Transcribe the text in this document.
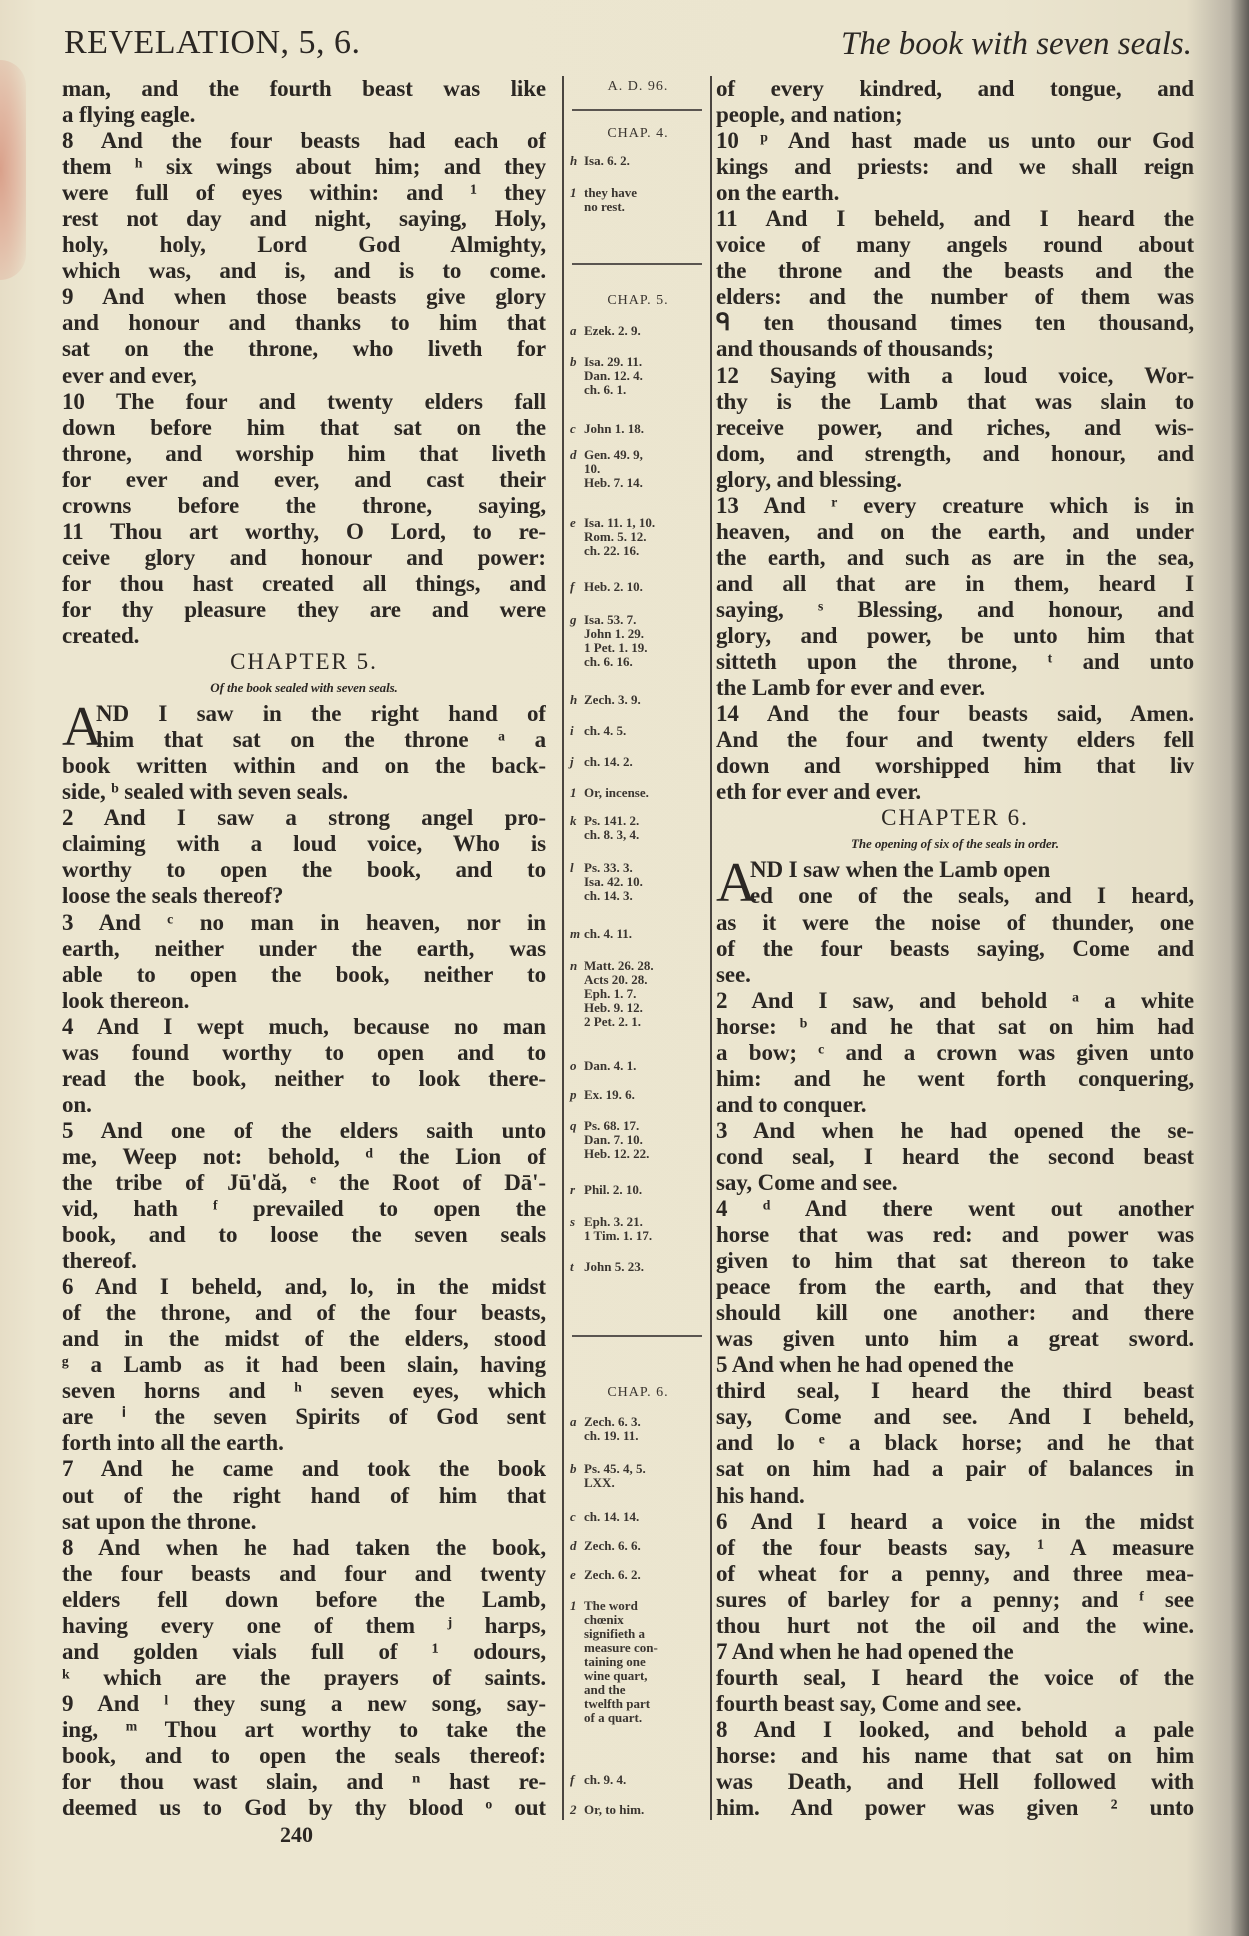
REVELATION, 5, 6.	The book with seven seals.
man, and the fourth beast was like
a flying eagle.
8 And the four beasts had each of
them ʰ six wings about him; and they
were full of eyes within: and ¹ they
rest not day and night, saying, Holy,
holy, holy, Lord God Almighty,
which was, and is, and is to come.
9 And when those beasts give glory
and honour and thanks to him that
sat on the throne, who liveth for
ever and ever,
10 The four and twenty elders fall
down before him that sat on the
throne, and worship him that liveth
for ever and ever, and cast their
crowns before the throne, saying,
11 Thou art worthy, O Lord, to re-
ceive glory and honour and power:
for thou hast created all things, and
for thy pleasure they are and were
created.
CHAPTER 5.
Of the book sealed with seven seals.
A
ND I saw in the right hand of
him that sat on the throne ᵃ a
book written within and on the back-
side, ᵇ sealed with seven seals.
2 And I saw a strong angel pro-
claiming with a loud voice, Who is
worthy to open the book, and to
loose the seals thereof?
3 And ᶜ no man in heaven, nor in
earth, neither under the earth, was
able to open the book, neither to
look thereon.
4 And I wept much, because no man
was found worthy to open and to
read the book, neither to look there-
on.
5 And one of the elders saith unto
me, Weep not: behold, ᵈ the Lion of
the tribe of Jū'dă, ᵉ the Root of Dā'-
vid, hath ᶠ prevailed to open the
book, and to loose the seven seals
thereof.
6 And I beheld, and, lo, in the midst
of the throne, and of the four beasts,
and in the midst of the elders, stood
ᵍ a Lamb as it had been slain, having
seven horns and ʰ seven eyes, which
are ⁱ the seven Spirits of God sent
forth into all the earth.
7 And he came and took the book
out of the right hand of him that
sat upon the throne.
8 And when he had taken the book,
the four beasts and four and twenty
elders fell down before the Lamb,
having every one of them ʲ harps,
and golden vials full of ¹ odours,
ᵏ which are the prayers of saints.
9 And ˡ they sung a new song, say-
ing, ᵐ Thou art worthy to take the
book, and to open the seals thereof:
for thou wast slain, and ⁿ hast re-
deemed us to God by thy blood ᵒ out
A. D. 96.
CHAP. 4.
h Isa. 6. 2.
1 they have
no rest.
CHAP. 5.
a Ezek. 2. 9.
b Isa. 29. 11.
Dan. 12. 4.
ch. 6. 1.
c John 1. 18.
d Gen. 49. 9,
10.
Heb. 7. 14.
e Isa. 11. 1, 10.
Rom. 5. 12.
ch. 22. 16.
f Heb. 2. 10.
g Isa. 53. 7.
John 1. 29.
1 Pet. 1. 19.
ch. 6. 16.
h Zech. 3. 9.
i ch. 4. 5.
j ch. 14. 2.
1 Or, incense.
k Ps. 141. 2.
ch. 8. 3, 4.
l Ps. 33. 3.
Isa. 42. 10.
ch. 14. 3.
m ch. 4. 11.
n Matt. 26. 28.
Acts 20. 28.
Eph. 1. 7.
Heb. 9. 12.
2 Pet. 2. 1.
o Dan. 4. 1.
p Ex. 19. 6.
q Ps. 68. 17.
Dan. 7. 10.
Heb. 12. 22.
r Phil. 2. 10.
s Eph. 3. 21.
1 Tim. 1. 17.
t John 5. 23.
CHAP. 6.
a Zech. 6. 3.
ch. 19. 11.
b Ps. 45. 4, 5.
LXX.
c ch. 14. 14.
d Zech. 6. 6.
e Zech. 6. 2.
1 The word
chœnix
signifieth a
measure con-
taining one
wine quart,
and the
twelfth part
of a quart.
f ch. 9. 4.
2 Or, to him.
of every kindred, and tongue, and
people, and nation;
10 ᵖ And hast made us unto our God
kings and priests: and we shall reign
on the earth.
11 And I beheld, and I heard the
voice of many angels round about
the throne and the beasts and the
elders: and the number of them was
ᑫ ten thousand times ten thousand,
and thousands of thousands;
12 Saying with a loud voice, Wor-
thy is the Lamb that was slain to
receive power, and riches, and wis-
dom, and strength, and honour, and
glory, and blessing.
13 And ʳ every creature which is in
heaven, and on the earth, and under
the earth, and such as are in the sea,
and all that are in them, heard I
saying, ˢ Blessing, and honour, and
glory, and power, be unto him that
sitteth upon the throne, ᵗ and unto
the Lamb for ever and ever.
14 And the four beasts said, Amen.
And the four and twenty elders fell
down and worshipped him that liv
eth for ever and ever.
CHAPTER 6.
The opening of six of the seals in order.
A
ND I saw when the Lamb open
ed one of the seals, and I heard,
as it were the noise of thunder, one
of the four beasts saying, Come and
see.
2 And I saw, and behold ᵃ a white
horse: ᵇ and he that sat on him had
a bow; ᶜ and a crown was given unto
him: and he went forth conquering,
and to conquer.
3 And when he had opened the se-
cond seal, I heard the second beast
say, Come and see.
4 ᵈ And there went out another
horse that was red: and power was
given to him that sat thereon to take
peace from the earth, and that they
should kill one another: and there
was given unto him a great sword.
5 And when he had opened the
third seal, I heard the third beast
say, Come and see. And I beheld,
and lo ᵉ a black horse; and he that
sat on him had a pair of balances in
his hand.
6 And I heard a voice in the midst
of the four beasts say, ¹ A measure
of wheat for a penny, and three mea-
sures of barley for a penny; and ᶠ see
thou hurt not the oil and the wine.
7 And when he had opened the
fourth seal, I heard the voice of the
fourth beast say, Come and see.
8 And I looked, and behold a pale
horse: and his name that sat on him
was Death, and Hell followed with
him. And power was given ² unto
240
